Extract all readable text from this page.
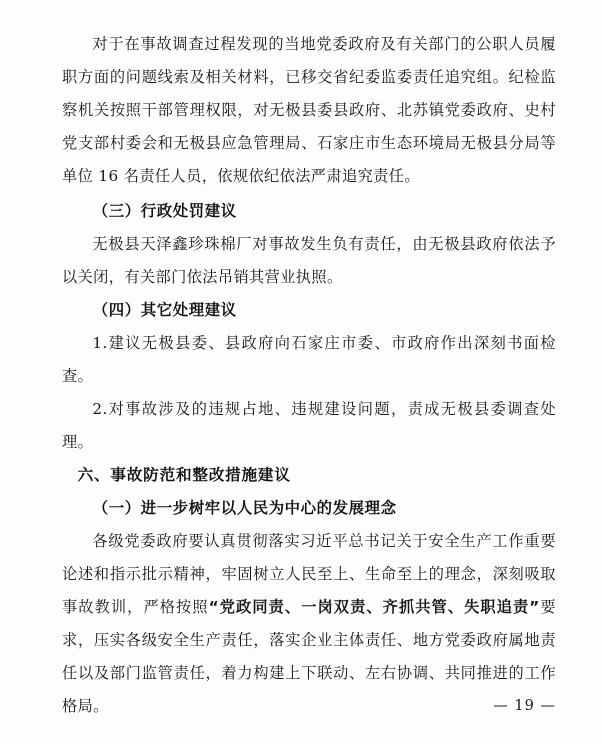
对于在事故调查过程发现的当地党委政府及有关部门的公职人员履职方面的问题线索及相关材料，已移交省纪委监委责任追究组。纪检监察机关按照干部管理权限，对无极县委县政府、北苏镇党委政府、史村党支部村委会和无极县应急管理局、石家庄市生态环境局无极县分局等单位 16 名责任人员，依规依纪依法严肃追究责任。

（三）行政处罚建议

无极县天泽鑫珍珠棉厂对事故发生负有责任，由无极县政府依法予以关闭，有关部门依法吊销其营业执照。

（四）其它处理建议

1.建议无极县委、县政府向石家庄市委、市政府作出深刻书面检查。

2.对事故涉及的违规占地、违规建设问题，责成无极县委调查处理。

六、事故防范和整改措施建议

（一）进一步树牢以人民为中心的发展理念

各级党委政府要认真贯彻落实习近平总书记关于安全生产工作重要论述和指示批示精神，牢固树立人民至上、生命至上的理念，深刻吸取事故教训，严格按照“党政同责、一岗双责、齐抓共管、失职追责”要求，压实各级安全生产责任，落实企业主体责任、地方党委政府属地责任以及部门监管责任，着力构建上下联动、左右协调、共同推进的工作格局。	— 19 —
